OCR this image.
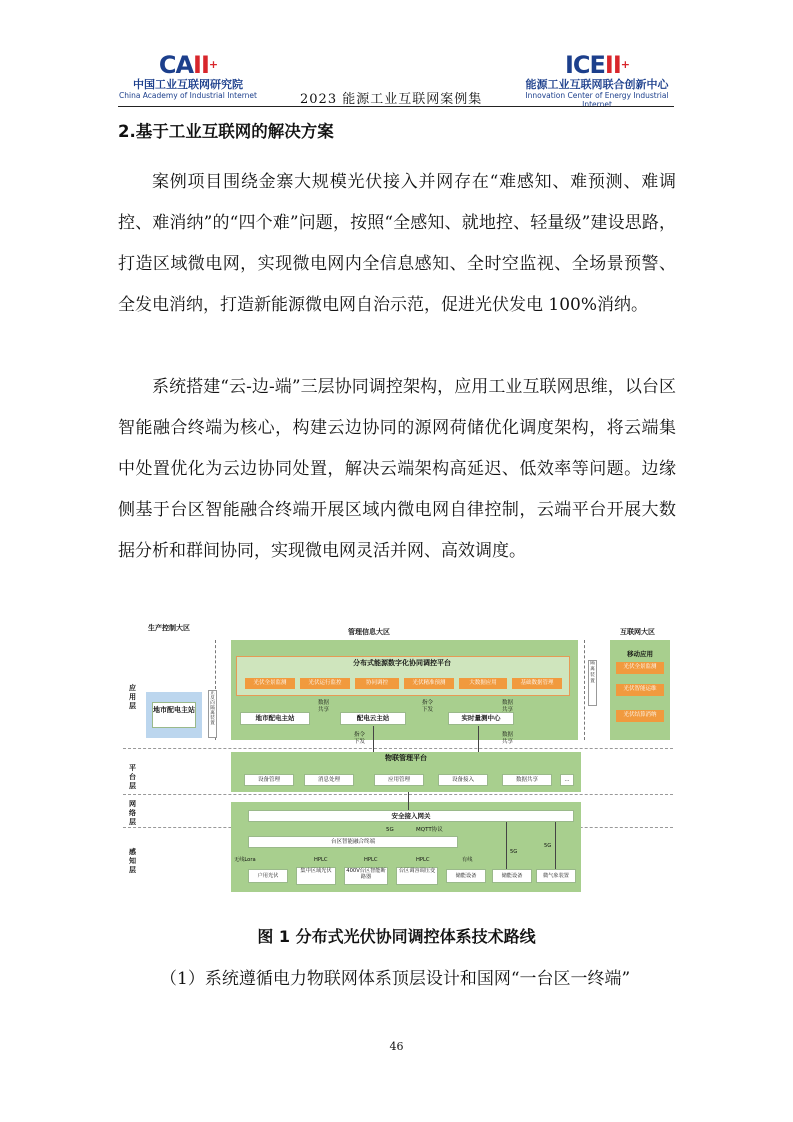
CAII+
中国工业互联网研究院
China Academy of Industrial Internet	2023 能源工业互联网案例集
ICEII+
能源工业互联网联合创新中心
Innovation Center of Energy Industrial Internet
2.基于工业互联网的解决方案
案例项目围绕金寨大规模光伏接入并网存在“难感知、难预测、难调控、难消纳”的“四个难”问题，按照“全感知、就地控、轻量级”建设思路，打造区域微电网，实现微电网内全信息感知、全时空监视、全场景预警、全发电消纳，打造新能源微电网自治示范，促进光伏发电 100%消纳。
系统搭建“云-边-端”三层协同调控架构，应用工业互联网思维，以台区智能融合终端为核心，构建云边协同的源网荷储优化调度架构，将云端集中处置优化为云边协同处置，解决云端架构高延迟、低效率等问题。边缘侧基于台区智能融合终端开展区域内微电网自律控制，云端平台开展大数据分析和群间协同，实现微电网灵活并网、高效调度。
生产控制大区	管理信息大区	互联网大区
应用层
平台层
网络层
感知层
地市配电主站
正反向隔离装置
分布式能源数字化协同调控平台
光伏全景监测	光伏运行监控	协同调控	光伏精准预测	大数据应用	基础数据管理
地市配电主站	配电云主站	实时量测中心
数据共享
指令下发
数据共享
指令下发
数据共享
隔离装置
移动应用
光伏全景监测
光伏智能运维
光伏结算消纳
物联管理平台
设备管理	消息处理	应用管理	设备接入	数据共享	...
安全接入网关
5G	MQTT协议
台区智能融合终端
无线Lora	HPLC	HPLC	HPLC	有线
5G
5G
户用光伏
集中区域光伏	400V台区智能断路器
台区调容调压变
储能设备	储能设备	微气象装置
图 1 分布式光伏协同调控体系技术路线
（1）系统遵循电力物联网体系顶层设计和国网“一台区一终端”
46
